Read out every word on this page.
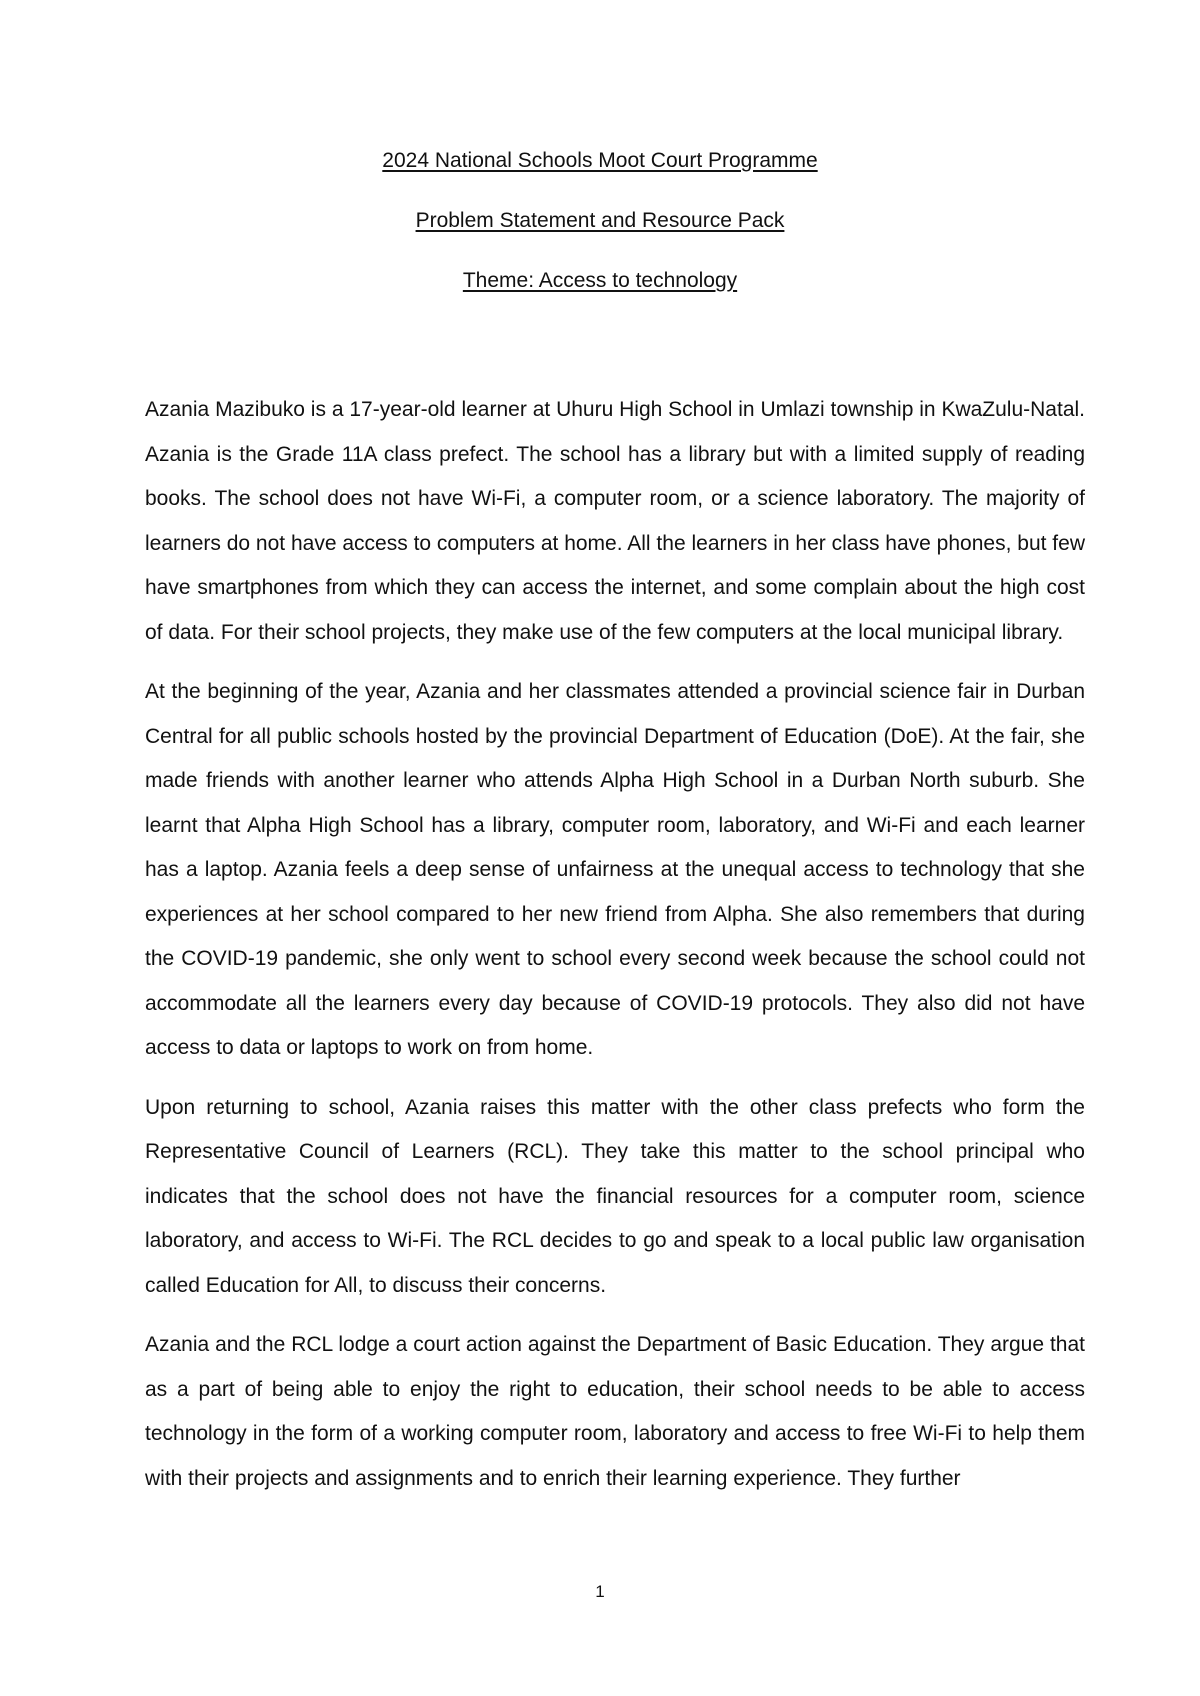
2024 National Schools Moot Court Programme
Problem Statement and Resource Pack
Theme: Access to technology

Azania Mazibuko is a 17-year-old learner at Uhuru High School in Umlazi township in KwaZulu-Natal. Azania is the Grade 11A class prefect. The school has a library but with a limited supply of reading books. The school does not have Wi-Fi, a computer room, or a science laboratory. The majority of learners do not have access to computers at home. All the learners in her class have phones, but few have smartphones from which they can access the internet, and some complain about the high cost of data. For their school projects, they make use of the few computers at the local municipal library.

At the beginning of the year, Azania and her classmates attended a provincial science fair in Durban Central for all public schools hosted by the provincial Department of Education (DoE). At the fair, she made friends with another learner who attends Alpha High School in a Durban North suburb. She learnt that Alpha High School has a library, computer room, laboratory, and Wi-Fi and each learner has a laptop. Azania feels a deep sense of unfairness at the unequal access to technology that she experiences at her school compared to her new friend from Alpha. She also remembers that during the COVID-19 pandemic, she only went to school every second week because the school could not accommodate all the learners every day because of COVID-19 protocols. They also did not have access to data or laptops to work on from home.

Upon returning to school, Azania raises this matter with the other class prefects who form the Representative Council of Learners (RCL). They take this matter to the school principal who indicates that the school does not have the financial resources for a computer room, science laboratory, and access to Wi-Fi. The RCL decides to go and speak to a local public law organisation called Education for All, to discuss their concerns.

Azania and the RCL lodge a court action against the Department of Basic Education. They argue that as a part of being able to enjoy the right to education, their school needs to be able to access technology in the form of a working computer room, laboratory and access to free Wi-Fi to help them with their projects and assignments and to enrich their learning experience. They further

1
